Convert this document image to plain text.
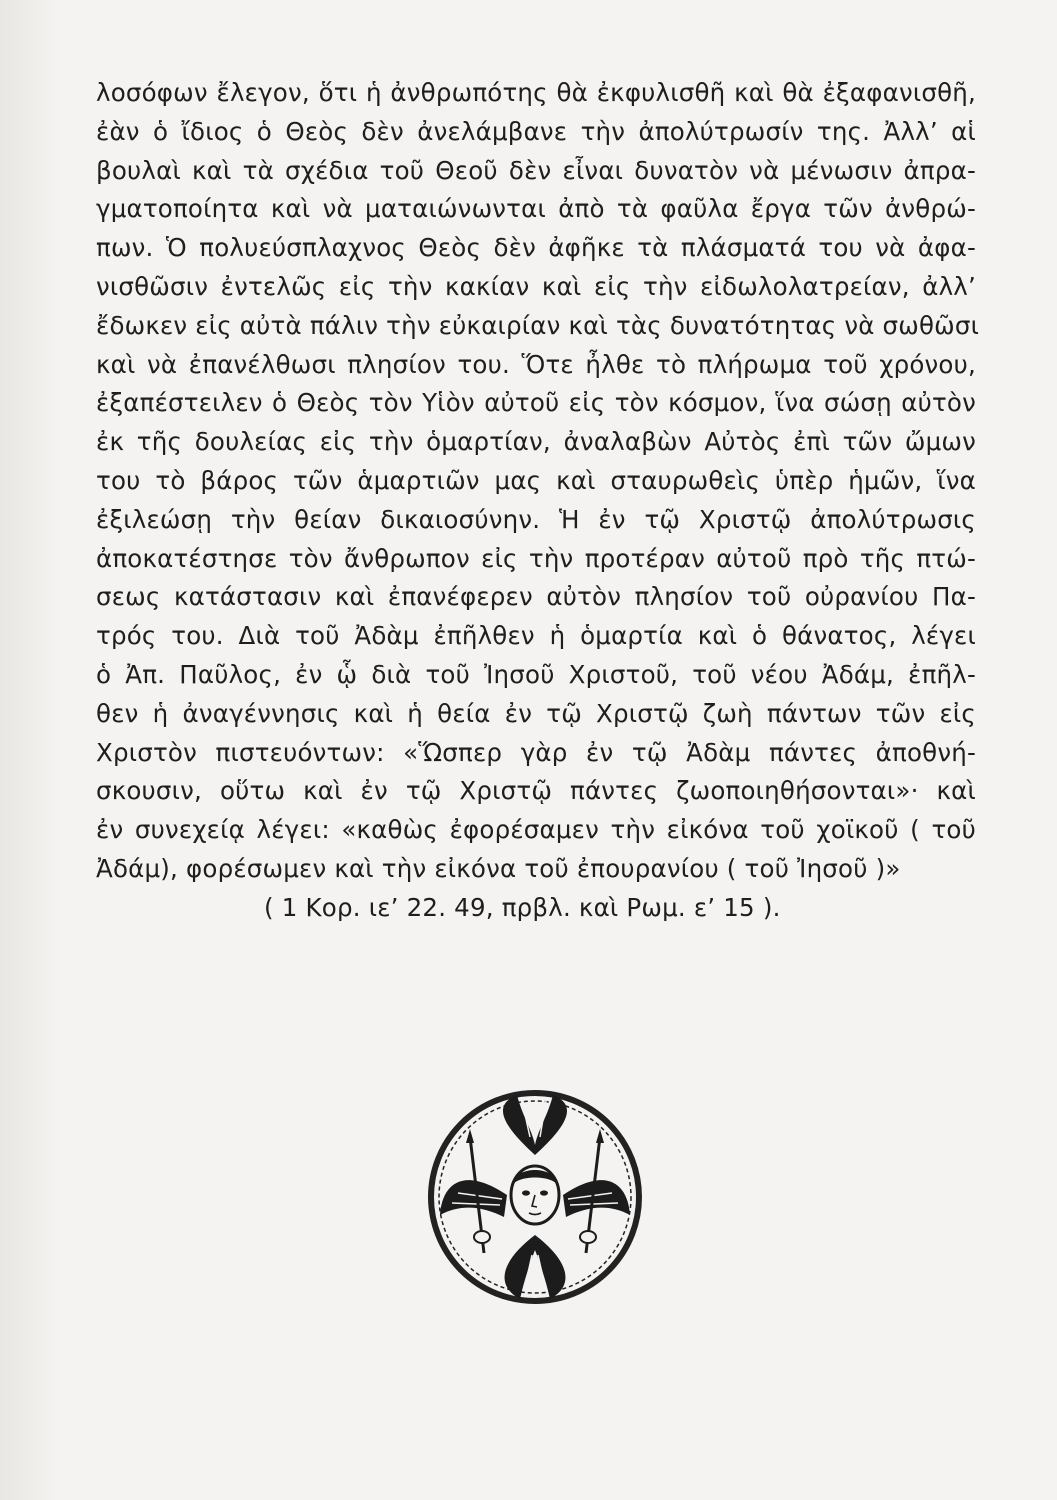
λοσόφων ἔλεγον, ὅτι ἡ ἀνθρωπότης θὰ ἐκφυλισθῆ καὶ θὰ ἐξαφανισθῆ,
ἐὰν ὁ ἴδιος ὁ Θεὸς δὲν ἀνελάμβανε τὴν ἀπολύτρωσίν της. Ἀλλ’ αἱ
βουλαὶ καὶ τὰ σχέδια τοῦ Θεοῦ δὲν εἶναι δυνατὸν νὰ μένωσιν ἀπρα-
γματοποίητα καὶ νὰ ματαιώνωνται ἀπὸ τὰ φαῦλα ἔργα τῶν ἀνθρώ-
πων. Ὁ πολυεύσπλαχνος Θεὸς δὲν ἀφῆκε τὰ πλάσματά του νὰ ἀφα-
νισθῶσιν ἐντελῶς εἰς τὴν κακίαν καὶ εἰς τὴν εἰδωλολατρείαν, ἀλλ’
ἔδωκεν εἰς αὐτὰ πάλιν τὴν εὐκαιρίαν καὶ τὰς δυνατότητας νὰ σωθῶσι
καὶ νὰ ἐπανέλθωσι πλησίον του. Ὅτε ἦλθε τὸ πλήρωμα τοῦ χρόνου,
ἐξαπέστειλεν ὁ Θεὸς τὸν Υἱὸν αὐτοῦ εἰς τὸν κόσμον, ἵνα σώσῃ αὐτὸν
ἐκ τῆς δουλείας εἰς τὴν ὁμαρτίαν, ἀναλαβὼν Αὐτὸς ἐπὶ τῶν ὤμων
του τὸ βάρος τῶν ἁμαρτιῶν μας καὶ σταυρωθεὶς ὑπὲρ ἡμῶν, ἵνα
ἐξιλεώσῃ τὴν θείαν δικαιοσύνην. Ἡ ἐν τῷ Χριστῷ ἀπολύτρωσις
ἀποκατέστησε τὸν ἄνθρωπον εἰς τὴν προτέραν αὐτοῦ πρὸ τῆς πτώ-
σεως κατάστασιν καὶ ἐπανέφερεν αὐτὸν πλησίον τοῦ οὐρανίου Πα-
τρός του. Διὰ τοῦ Ἀδὰμ ἐπῆλθεν ἡ ὁμαρτία καὶ ὁ θάνατος, λέγει
ὁ Ἀπ. Παῦλος, ἐν ᾧ διὰ τοῦ Ἰησοῦ Χριστοῦ, τοῦ νέου Ἀδάμ, ἐπῆλ-
θεν ἡ ἀναγέννησις καὶ ἡ θεία ἐν τῷ Χριστῷ ζωὴ πάντων τῶν εἰς
Χριστὸν πιστευόντων: «Ὥσπερ γὰρ ἐν τῷ Ἀδὰμ πάντες ἀποθνή-
σκουσιν, οὕτω καὶ ἐν τῷ Χριστῷ πάντες ζωοποιηθήσονται»· καὶ
ἐν συνεχείᾳ λέγει: «καθὼς ἐφορέσαμεν τὴν εἰκόνα τοῦ χοϊκοῦ ( τοῦ
Ἀδάμ), φορέσωμεν καὶ τὴν εἰκόνα τοῦ ἐπουρανίου ( τοῦ Ἰησοῦ )»
( 1 Κορ. ιε’ 22. 49, πρβλ. καὶ Ρωμ. ε’ 15 ).
